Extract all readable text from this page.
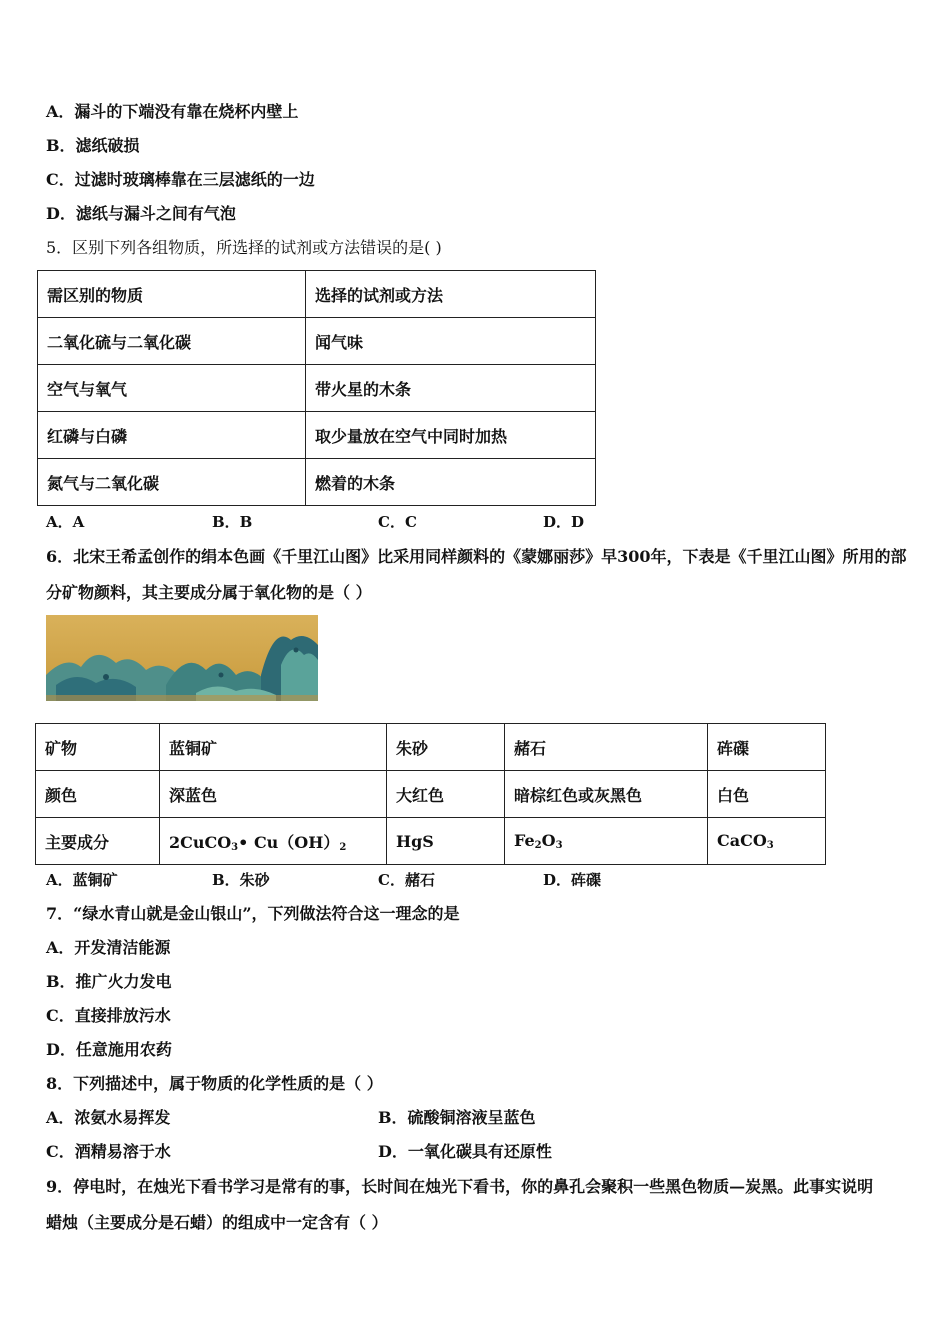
A．漏斗的下端没有靠在烧杯内壁上
B．滤纸破损
C．过滤时玻璃棒靠在三层滤纸的一边
D．滤纸与漏斗之间有气泡
5．区别下列各组物质，所选择的试剂或方法错误的是( )
需区别的物质	选择的试剂或方法
二氧化硫与二氧化碳	闻气味
空气与氧气	带火星的木条
红磷与白磷	取少量放在空气中同时加热
氮气与二氧化碳	燃着的木条
A．A	B．B	C．C	D．D
6．北宋王希孟创作的绢本色画《千里江山图》比采用同样颜料的《蒙娜丽莎》早300年，下表是《千里江山图》所用的部
分矿物颜料，其主要成分属于氧化物的是（ ）
矿物	蓝铜矿	朱砂	赭石	砗磲
颜色	深蓝色	大红色	暗棕红色或灰黑色	白色
主要成分	2CuCO$_3$• $Cu(OH)_2$	HgS	$Fe_2O_3$	CaCO$_3$
A．蓝铜矿	B．朱砂	C．赭石	D．砗磲
7．“绿水青山就是金山银山”，下列做法符合这一理念的是
A．开发清洁能源
B．推广火力发电
C．直接排放污水
D．任意施用农药
8．下列描述中，属于物质的化学性质的是（ ）
A．浓氨水易挥发	B．硫酸铜溶液呈蓝色
C．酒精易溶于水	D．一氧化碳具有还原性
9．停电时，在烛光下看书学习是常有的事，长时间在烛光下看书，你的鼻孔会聚积一些黑色物质—炭黑。此事实说明
蜡烛（主要成分是石蜡）的组成中一定含有（ ）
